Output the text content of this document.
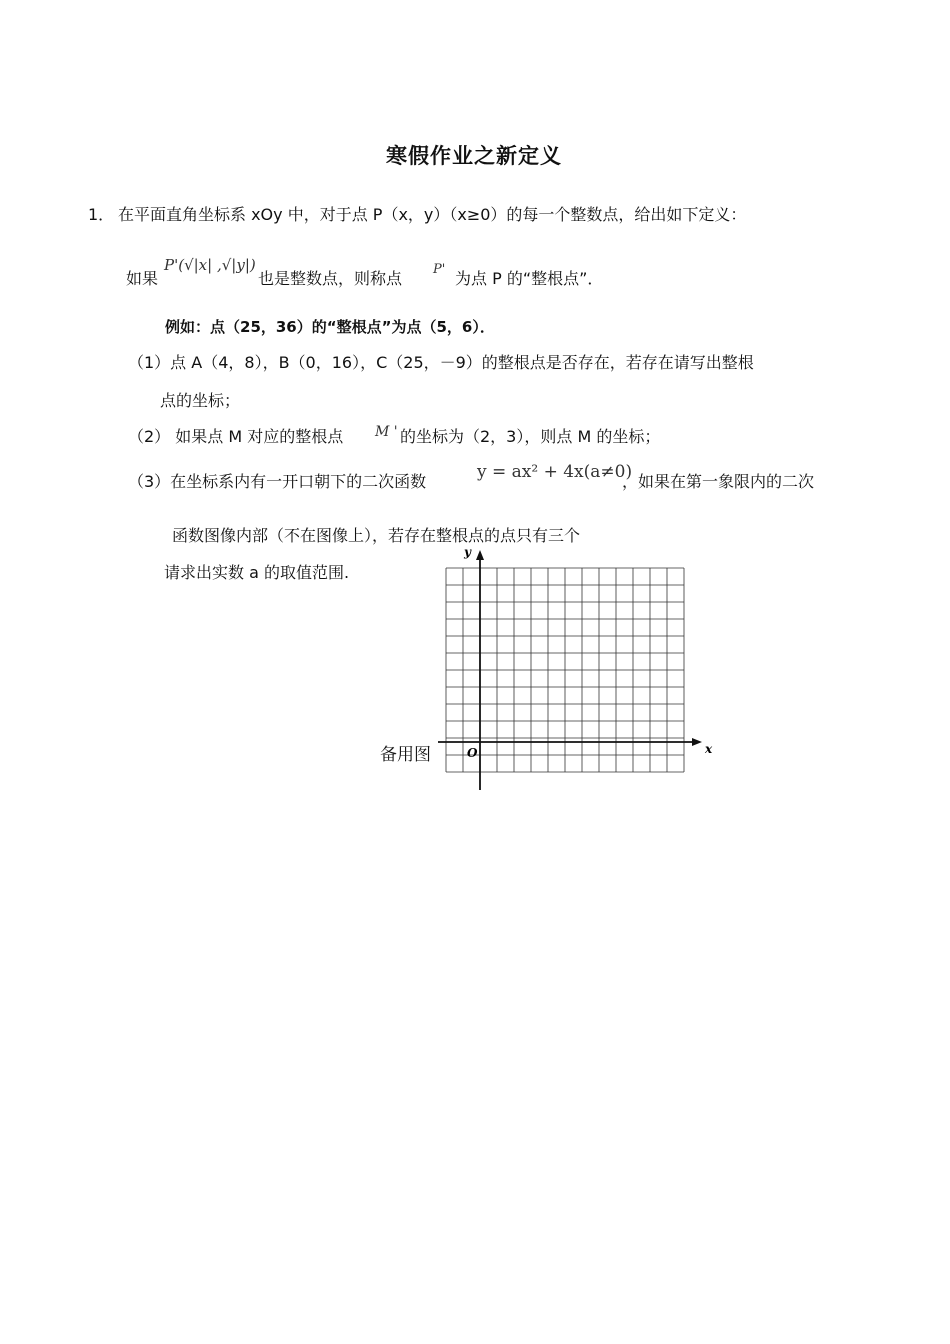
寒假作业之新定义
1． 在平面直角坐标系 xOy 中，对于点 P（x，y）（x≥0）的每一个整数点，给出如下定义：
如果
P'(√|x| ,√|y|)
也是整数点，则称点 P' 为点 P 的“整根点”．
例如：点（25，36）的“整根点”为点（5，6）．
（1）点 A（4，8），B（0，16），C（25，－9）的整根点是否存在，若存在请写出整根
点的坐标；
（2） 如果点 M 对应的整根点 M ' 的坐标为（2，3），则点 M 的坐标；
（3）在坐标系内有一开口朝下的二次函数	y = ax² + 4x(a≠0)
，如果在第一象限内的二次
函数图像内部（不在图像上），若存在整根点的点只有三个
请求出实数 a 的取值范围.
备用图	x
y
O
